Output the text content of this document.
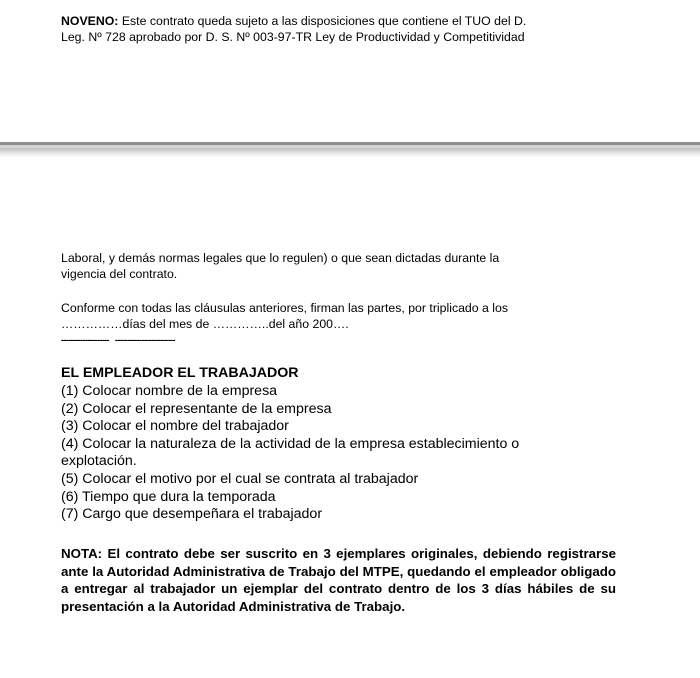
NOVENO: Este contrato queda sujeto a las disposiciones que contiene el TUO del D.
Leg. Nº 728 aprobado por D. S. Nº 003-97-TR Ley de Productividad y Competitividad
Laboral, y demás normas legales que lo regulen) o que sean dictadas durante la
vigencia del contrato.
Conforme con todas las cláusulas anteriores, firman las partes, por triplicado a los
……………días del mes de …………..del año 200….
-------------------- -------------------------

EL EMPLEADOR EL TRABAJADOR

(1) Colocar nombre de la empresa
(2) Colocar el representante de la empresa
(3) Colocar el nombre del trabajador
(4) Colocar la naturaleza de la actividad de la empresa establecimiento o
explotación.
(5) Colocar el motivo por el cual se contrata al trabajador
(6) Tiempo que dura la temporada
(7) Cargo que desempeñara el trabajador

NOTA: El contrato debe ser suscrito en 3 ejemplares originales, debiendo registrarse ante la Autoridad Administrativa de Trabajo del MTPE, quedando el empleador obligado a entregar al trabajador un ejemplar del contrato dentro de los 3 días hábiles de su presentación a la Autoridad Administrativa de Trabajo.
